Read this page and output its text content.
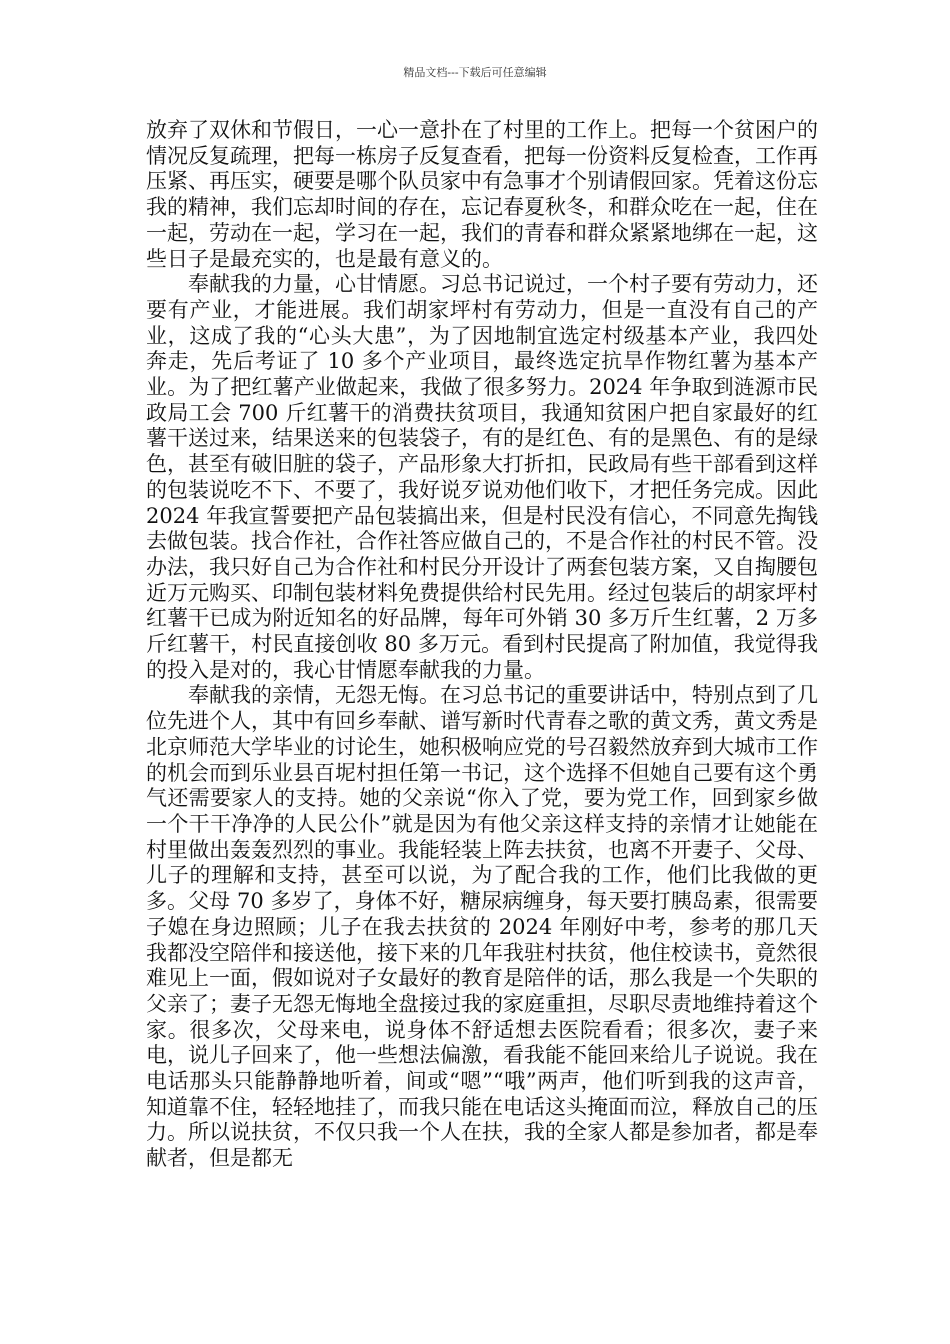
精品文档---下载后可任意编辑

放弃了双休和节假日，一心一意扑在了村里的工作上。把每一个贫困户的情况反复疏理，把每一栋房子反复查看，把每一份资料反复检查，工作再压紧、再压实，硬要是哪个队员家中有急事才个别请假回家。凭着这份忘我的精神，我们忘却时间的存在，忘记春夏秋冬，和群众吃在一起，住在一起，劳动在一起，学习在一起，我们的青春和群众紧紧地绑在一起，这些日子是最充实的，也是最有意义的。

奉献我的力量，心甘情愿。习总书记说过，一个村子要有劳动力，还要有产业，才能进展。我们胡家坪村有劳动力，但是一直没有自己的产业，这成了我的“心头大患”，为了因地制宜选定村级基本产业，我四处奔走，先后考证了 10 多个产业项目，最终选定抗旱作物红薯为基本产业。为了把红薯产业做起来，我做了很多努力。2024 年争取到涟源市民政局工会 700 斤红薯干的消费扶贫项目，我通知贫困户把自家最好的红薯干送过来，结果送来的包装袋子，有的是红色、有的是黑色、有的是绿色，甚至有破旧脏的袋子，产品形象大打折扣，民政局有些干部看到这样的包装说吃不下、不要了，我好说歹说劝他们收下，才把任务完成。因此 2024 年我宣誓要把产品包装搞出来，但是村民没有信心，不同意先掏钱去做包装。找合作社，合作社答应做自己的，不是合作社的村民不管。没办法，我只好自己为合作社和村民分开设计了两套包装方案，又自掏腰包近万元购买、印制包装材料免费提供给村民先用。经过包装后的胡家坪村红薯干已成为附近知名的好品牌，每年可外销 30 多万斤生红薯，2 万多斤红薯干，村民直接创收 80 多万元。看到村民提高了附加值，我觉得我的投入是对的，我心甘情愿奉献我的力量。

奉献我的亲情，无怨无悔。在习总书记的重要讲话中，特别点到了几位先进个人，其中有回乡奉献、谱写新时代青春之歌的黄文秀，黄文秀是北京师范大学毕业的讨论生，她积极响应党的号召毅然放弃到大城市工作的机会而到乐业县百坭村担任第一书记，这个选择不但她自己要有这个勇气还需要家人的支持。她的父亲说“你入了党，要为党工作，回到家乡做一个干干净净的人民公仆”就是因为有他父亲这样支持的亲情才让她能在村里做出轰轰烈烈的事业。我能轻装上阵去扶贫，也离不开妻子、父母、儿子的理解和支持，甚至可以说，为了配合我的工作，他们比我做的更多。父母 70 多岁了，身体不好，糖尿病缠身，每天要打胰岛素，很需要子媳在身边照顾；儿子在我去扶贫的 2024 年刚好中考，参考的那几天我都没空陪伴和接送他，接下来的几年我驻村扶贫，他住校读书，竟然很难见上一面，假如说对子女最好的教育是陪伴的话，那么我是一个失职的父亲了；妻子无怨无悔地全盘接过我的家庭重担，尽职尽责地维持着这个家。很多次，父母来电，说身体不舒适想去医院看看；很多次，妻子来电，说儿子回来了，他一些想法偏激，看我能不能回来给儿子说说。我在电话那头只能静静地听着，间或“嗯”“哦”两声，他们听到我的这声音，知道靠不住，轻轻地挂了，而我只能在电话这头掩面而泣，释放自己的压力。所以说扶贫，不仅只我一个人在扶，我的全家人都是参加者，都是奉献者，但是都无
